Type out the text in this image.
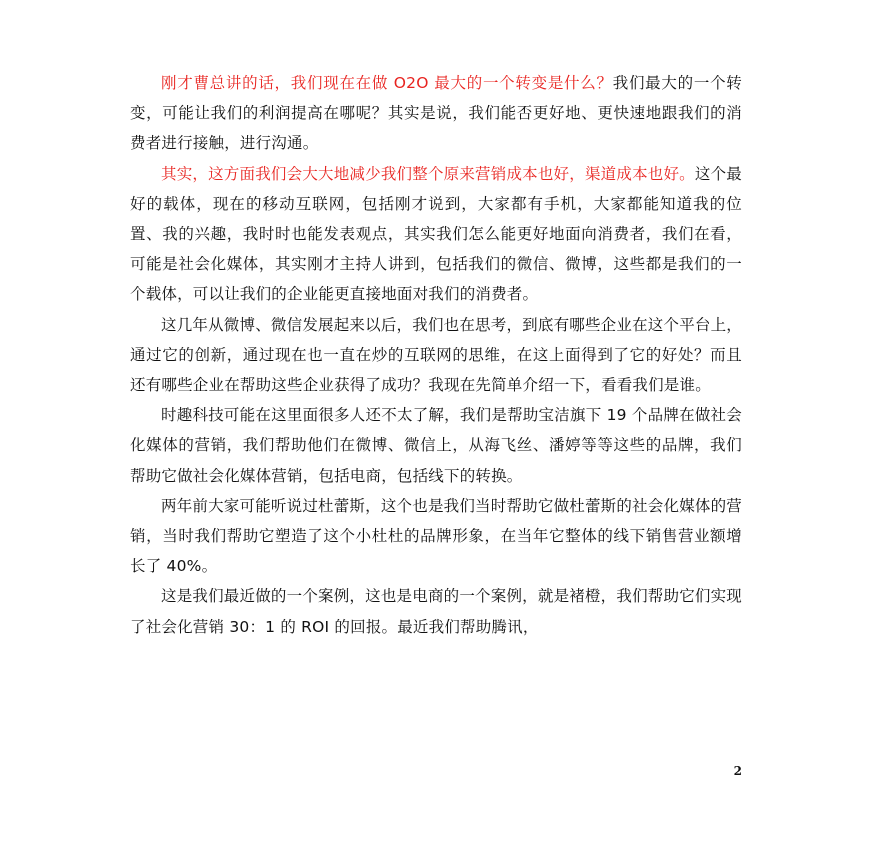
刚才曹总讲的话，我们现在在做 O2O 最大的一个转变是什么？我们最大的一个转变，可能让我们的利润提高在哪呢？其实是说，我们能否更好地、更快速地跟我们的消费者进行接触，进行沟通。

其实，这方面我们会大大地减少我们整个原来营销成本也好，渠道成本也好。这个最好的载体，现在的移动互联网，包括刚才说到，大家都有手机，大家都能知道我的位置、我的兴趣，我时时也能发表观点，其实我们怎么能更好地面向消费者，我们在看，可能是社会化媒体，其实刚才主持人讲到，包括我们的微信、微博，这些都是我们的一个载体，可以让我们的企业能更直接地面对我们的消费者。

这几年从微博、微信发展起来以后，我们也在思考，到底有哪些企业在这个平台上，通过它的创新，通过现在也一直在炒的互联网的思维，在这上面得到了它的好处？而且还有哪些企业在帮助这些企业获得了成功？我现在先简单介绍一下，看看我们是谁。

时趣科技可能在这里面很多人还不太了解，我们是帮助宝洁旗下 19 个品牌在做社会化媒体的营销，我们帮助他们在微博、微信上，从海飞丝、潘婷等等这些的品牌，我们帮助它做社会化媒体营销，包括电商，包括线下的转换。

两年前大家可能听说过杜蕾斯，这个也是我们当时帮助它做杜蕾斯的社会化媒体的营销，当时我们帮助它塑造了这个小杜杜的品牌形象，在当年它整体的线下销售营业额增长了 40%。

这是我们最近做的一个案例，这也是电商的一个案例，就是褚橙，我们帮助它们实现了社会化营销 30：1 的 ROI 的回报。最近我们帮助腾讯，

2
